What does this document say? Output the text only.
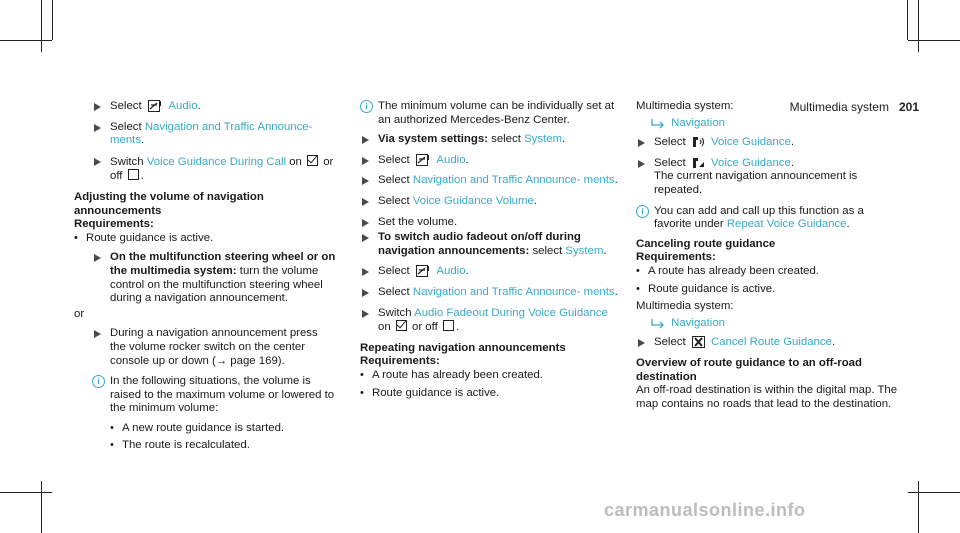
Multimedia system 201
Select Audio.
Select Navigation and Traffic Announce- ments.
Switch Voice Guidance During Call on or off .
Adjusting the volume of navigation announcements
Requirements:
• Route guidance is active.
On the multifunction steering wheel or on the multimedia system: turn the volume control on the multifunction steering wheel during a navigation announcement.
or
During a navigation announcement press the volume rocker switch on the center console up or down (→ page 169).
i In the following situations, the volume is raised to the maximum volume or lowered to the minimum volume:
• A new route guidance is started.
• The route is recalculated.
i The minimum volume can be individually set at an authorized Mercedes-Benz Center.
Via system settings: select System.
Select Audio.
Select Navigation and Traffic Announce- ments.
Select Voice Guidance Volume.
Set the volume.
To switch audio fadeout on/off during navigation announcements: select System.
Select Audio.
Select Navigation and Traffic Announce- ments.
Switch Audio Fadeout During Voice Guidance on or off .
Repeating navigation announcements
Requirements:
• A route has already been created.
• Route guidance is active.
Multimedia system:
Navigation
Select Voice Guidance.
Select Voice Guidance.
The current navigation announcement is repeated.
i You can add and call up this function as a favorite under Repeat Voice Guidance.
Canceling route guidance
Requirements:
• A route has already been created.
• Route guidance is active.
Multimedia system:
Navigation
Select Cancel Route Guidance.
Overview of route guidance to an off-road destination
An off-road destination is within the digital map. The map contains no roads that lead to the destination.
carmanualsonline.info
